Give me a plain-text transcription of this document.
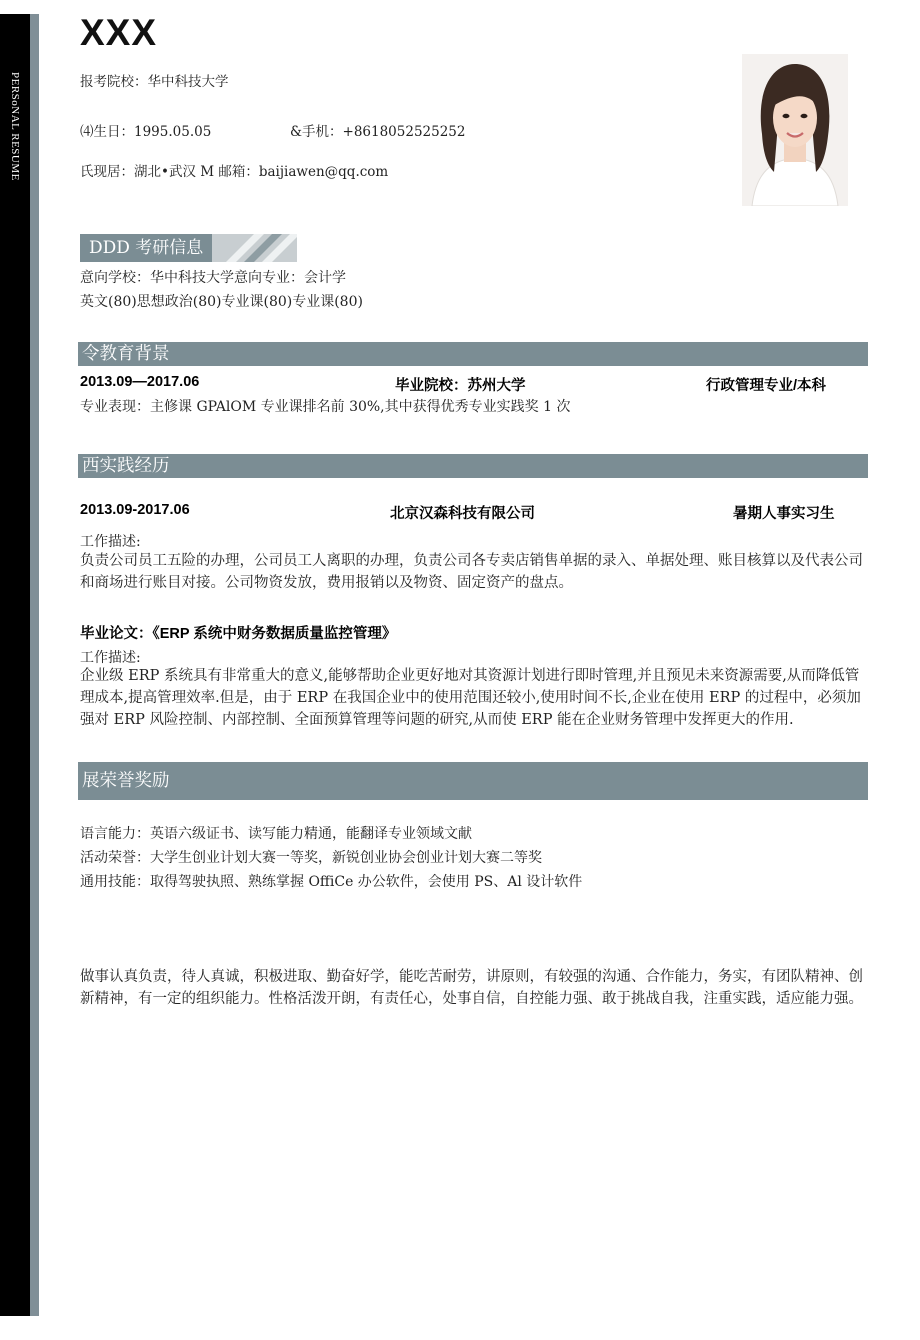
PERSoNAL RESUME
XXX
报考院校：华中科技大学
⑷生日：1995.05.05	&手机：+8618052525252
氏现居：湖北•武汉 M 邮箱：baijiawen@qq.com
DDD 考研信息
意向学校：华中科技大学意向专业：会计学
英文(80)思想政治(80)专业课(80)专业课(80)
令教育背景
2013.09—2017.06	毕业院校：苏州大学	行政管理专业/本科
专业表现：主修课 GPAlOM 专业课排名前 30%,其中获得优秀专业实践奖 1 次
西实践经历
2013.09-2017.06	北京汉森科技有限公司	暑期人事实习生
工作描述:
负责公司员工五险的办理，公司员工人离职的办理，负责公司各专卖店销售单据的录入、单据处理、账目核算以及代表公司和商场进行账目对接。公司物资发放，费用报销以及物资、固定资产的盘点。
毕业论文：《ERP 系统中财务数据质量监控管理》
工作描述:
企业级 ERP 系统具有非常重大的意义,能够帮助企业更好地对其资源计划进行即时管理,并且预见未来资源需要,从而降低管理成本,提高管理效率.但是，由于 ERP 在我国企业中的使用范围还较小,使用时间不长,企业在使用 ERP 的过程中，必须加强对 ERP 风险控制、内部控制、全面预算管理等问题的研究,从而使 ERP 能在企业财务管理中发挥更大的作用.
展荣誉奖励
语言能力：英语六级证书、读写能力精通，能翻译专业领域文献
活动荣誉：大学生创业计划大赛一等奖，新锐创业协会创业计划大赛二等奖
通用技能：取得驾驶执照、熟练掌握 OffiCe 办公软件，会使用 PS、Al 设计软件
做事认真负责，待人真诚，积极进取、勤奋好学，能吃苦耐劳，讲原则，有较强的沟通、合作能力，务实，有团队精神、创新精神，有一定的组织能力。性格活泼开朗，有责任心，处事自信，自控能力强、敢于挑战自我，注重实践，适应能力强。
